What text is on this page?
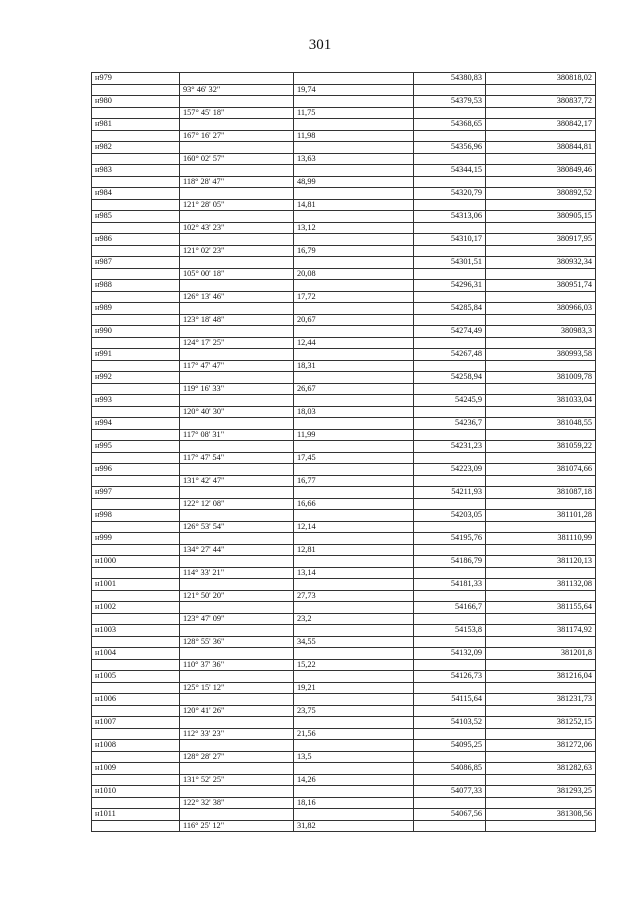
301
н979			54380,83	380818,02
	93° 46' 32"	19,74		
н980			54379,53	380837,72
	157° 45' 18"	11,75		
н981			54368,65	380842,17
	167° 16' 27"	11,98		
н982			54356,96	380844,81
	160° 02' 57"	13,63		
н983			54344,15	380849,46
	118° 28' 47"	48,99		
н984			54320,79	380892,52
	121° 28' 05"	14,81		
н985			54313,06	380905,15
	102° 43' 23"	13,12		
н986			54310,17	380917,95
	121° 02' 23"	16,79		
н987			54301,51	380932,34
	105° 00' 18"	20,08		
н988			54296,31	380951,74
	126° 13' 46"	17,72		
н989			54285,84	380966,03
	123° 18' 48"	20,67		
н990			54274,49	380983,3
	124° 17' 25"	12,44		
н991			54267,48	380993,58
	117° 47' 47"	18,31		
н992			54258,94	381009,78
	119° 16' 33"	26,67		
н993			54245,9	381033,04
	120° 40' 30"	18,03		
н994			54236,7	381048,55
	117° 08' 31"	11,99		
н995			54231,23	381059,22
	117° 47' 54"	17,45		
н996			54223,09	381074,66
	131° 42' 47"	16,77		
н997			54211,93	381087,18
	122° 12' 08"	16,66		
н998			54203,05	381101,28
	126° 53' 54"	12,14		
н999			54195,76	381110,99
	134° 27' 44"	12,81		
н1000			54186,79	381120,13
	114° 33' 21"	13,14		
н1001			54181,33	381132,08
	121° 50' 20"	27,73		
н1002			54166,7	381155,64
	123° 47' 09"	23,2		
н1003			54153,8	381174,92
	128° 55' 36"	34,55		
н1004			54132,09	381201,8
	110° 37' 36"	15,22		
н1005			54126,73	381216,04
	125° 15' 12"	19,21		
н1006			54115,64	381231,73
	120° 41' 26"	23,75		
н1007			54103,52	381252,15
	112° 33' 23"	21,56		
н1008			54095,25	381272,06
	128° 28' 27"	13,5		
н1009			54086,85	381282,63
	131° 52' 25"	14,26		
н1010			54077,33	381293,25
	122° 32' 38"	18,16		
н1011			54067,56	381308,56
	116° 25' 12"	31,82		
